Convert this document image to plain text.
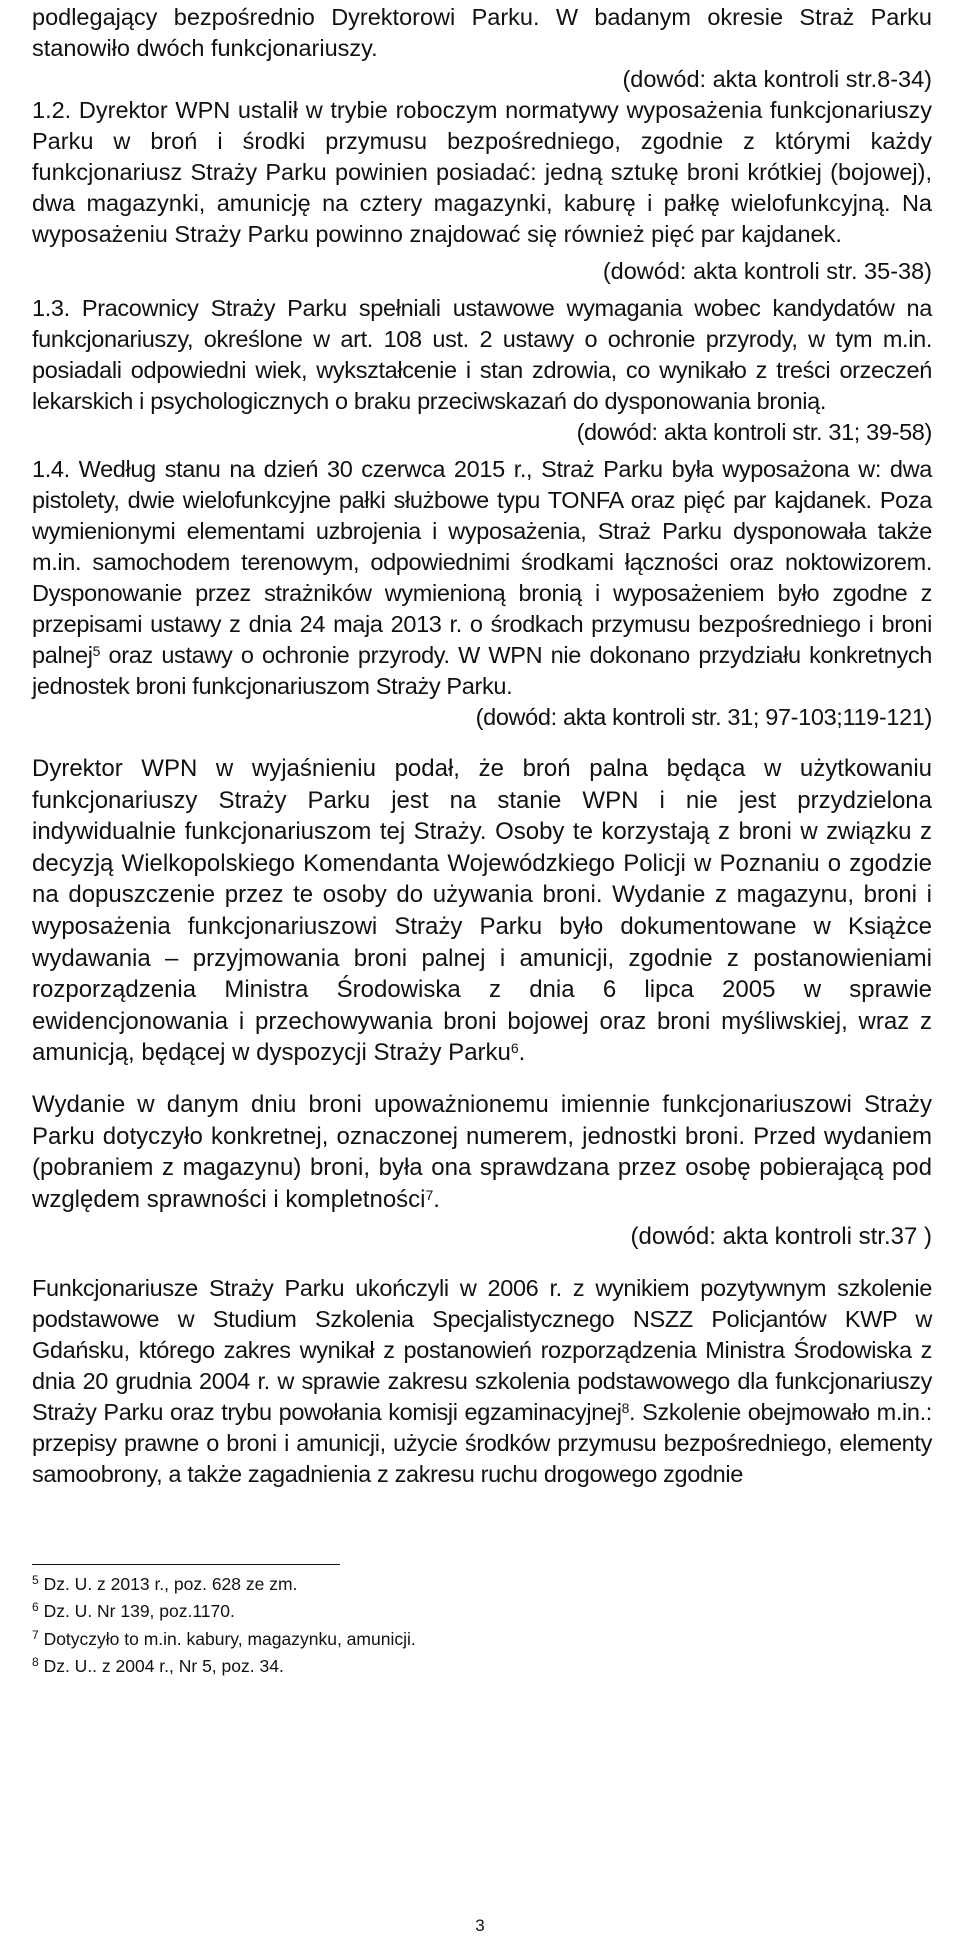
podlegający bezpośrednio Dyrektorowi Parku. W badanym okresie Straż Parku stanowiło dwóch funkcjonariuszy.

(dowód: akta kontroli str.8-34)

1.2. Dyrektor WPN ustalił w trybie roboczym normatywy wyposażenia funkcjonariuszy Parku w broń i środki przymusu bezpośredniego, zgodnie z którymi każdy funkcjonariusz Straży Parku powinien posiadać: jedną sztukę broni krótkiej (bojowej), dwa magazynki, amunicję na cztery magazynki, kaburę i pałkę wielofunkcyjną. Na wyposażeniu Straży Parku powinno znajdować się również pięć par kajdanek.

(dowód: akta kontroli str. 35-38)

1.3. Pracownicy Straży Parku spełniali ustawowe wymagania wobec kandydatów na funkcjonariuszy, określone w art. 108 ust. 2 ustawy o ochronie przyrody, w tym m.in. posiadali odpowiedni wiek, wykształcenie i stan zdrowia, co wynikało z treści orzeczeń lekarskich i psychologicznych o braku przeciwskazań do dysponowania bronią.

(dowód: akta kontroli str. 31; 39-58)

1.4. Według stanu na dzień 30 czerwca 2015 r., Straż Parku była wyposażona w: dwa pistolety, dwie wielofunkcyjne pałki służbowe typu TONFA oraz pięć par kajdanek. Poza wymienionymi elementami uzbrojenia i wyposażenia, Straż Parku dysponowała także m.in. samochodem terenowym, odpowiednimi środkami łączności oraz noktowizorem. Dysponowanie przez strażników wymienioną bronią i wyposażeniem było zgodne z przepisami ustawy z dnia 24 maja 2013 r. o środkach przymusu bezpośredniego i broni palnej$^5$ oraz ustawy o ochronie przyrody. W WPN nie dokonano przydziału konkretnych jednostek broni funkcjonariuszom Straży Parku.

(dowód: akta kontroli str. 31; 97-103;119-121)

Dyrektor WPN w wyjaśnieniu podał, że broń palna będąca w użytkowaniu funkcjonariuszy Straży Parku jest na stanie WPN i nie jest przydzielona indywidualnie funkcjonariuszom tej Straży. Osoby te korzystają z broni w związku z decyzją Wielkopolskiego Komendanta Wojewódzkiego Policji w Poznaniu o zgodzie na dopuszczenie przez te osoby do używania broni. Wydanie z magazynu, broni i wyposażenia funkcjonariuszowi Straży Parku było dokumentowane w Książce wydawania – przyjmowania broni palnej i amunicji, zgodnie z postanowieniami rozporządzenia Ministra Środowiska z dnia 6 lipca 2005 w sprawie ewidencjonowania i przechowywania broni bojowej oraz broni myśliwskiej, wraz z amunicją, będącej w dyspozycji Straży Parku$^6$.

Wydanie w danym dniu broni upoważnionemu imiennie funkcjonariuszowi Straży Parku dotyczyło konkretnej, oznaczonej numerem, jednostki broni. Przed wydaniem (pobraniem z magazynu) broni, była ona sprawdzana przez osobę pobierającą pod względem sprawności i kompletności$^7$.

(dowód: akta kontroli str.37 )

Funkcjonariusze Straży Parku ukończyli w 2006 r. z wynikiem pozytywnym szkolenie podstawowe w Studium Szkolenia Specjalistycznego NSZZ Policjantów KWP w Gdańsku, którego zakres wynikał z postanowień rozporządzenia Ministra Środowiska z dnia 20 grudnia 2004 r. w sprawie zakresu szkolenia podstawowego dla funkcjonariuszy Straży Parku oraz trybu powołania komisji egzaminacyjnej$^8$. Szkolenie obejmowało m.in.: przepisy prawne o broni i amunicji, użycie środków przymusu bezpośredniego, elementy samoobrony, a także zagadnienia z zakresu ruchu drogowego zgodnie

$^5$ Dz. U. z 2013 r., poz. 628 ze zm.
$^6$ Dz. U. Nr 139, poz.1170.
$^7$ Dotyczyło to m.in. kabury, magazynku, amunicji.
$^8$ Dz. U.. z 2004 r., Nr 5, poz. 34.
3
